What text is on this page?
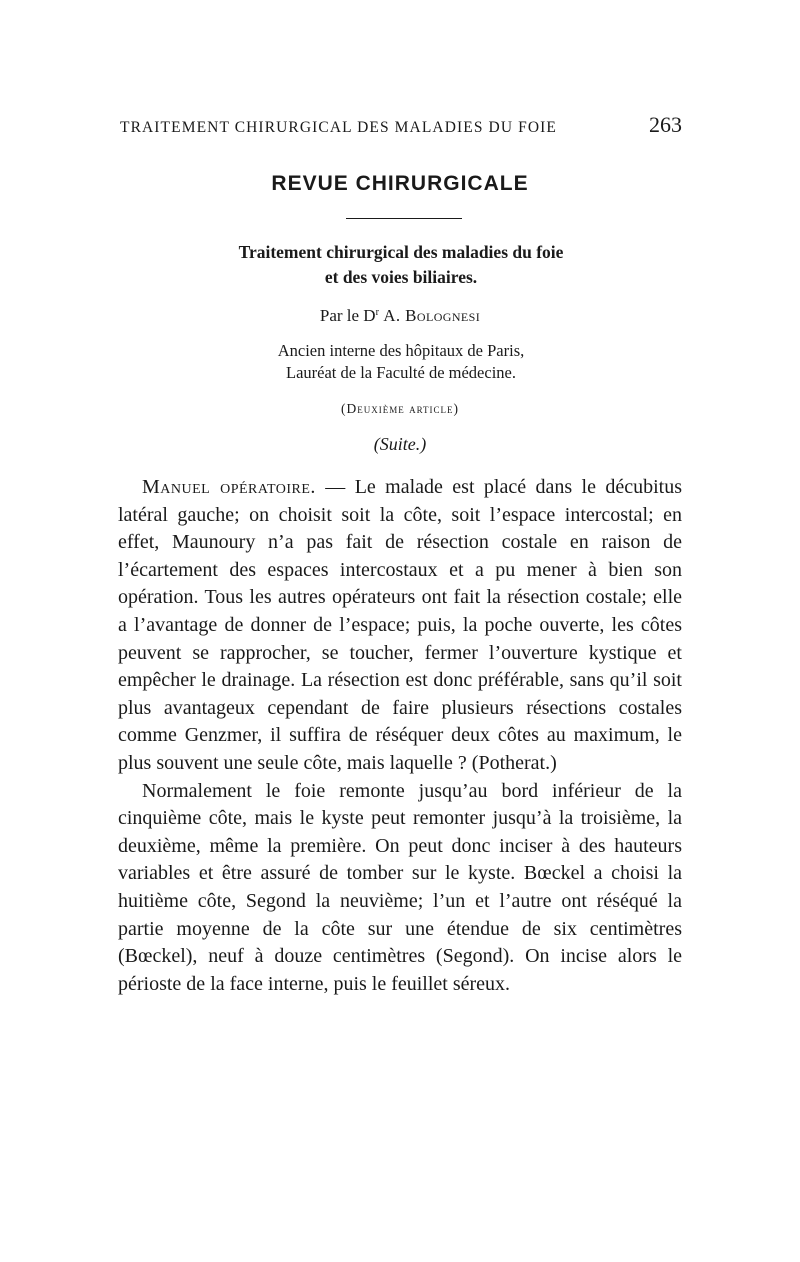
TRAITEMENT CHIRURGICAL DES MALADIES DU FOIE	263
REVUE CHIRURGICALE
Traitement chirurgical des maladies du foie
et des voies biliaires.
Par le $D^r$ A. Bolognesi
Ancien interne des hôpitaux de Paris,
Lauréat de la Faculté de médecine.
(Deuxième article)
(Suite.)

Manuel opératoire. — Le malade est placé dans le décubitus latéral gauche; on choisit soit la côte, soit l’espace intercostal; en effet, Maunoury n’a pas fait de résection costale en raison de l’écartement des espaces intercostaux et a pu mener à bien son opération. Tous les autres opérateurs ont fait la résection costale; elle a l’avantage de donner de l’espace; puis, la poche ouverte, les côtes peuvent se rapprocher, se toucher, fermer l’ouverture kystique et empêcher le drainage. La résection est donc préférable, sans qu’il soit plus avantageux cependant de faire plusieurs résections costales comme Genzmer, il suffira de réséquer deux côtes au maximum, le plus souvent une seule côte, mais laquelle ? (Potherat.)

Normalement le foie remonte jusqu’au bord inférieur de la cinquième côte, mais le kyste peut remonter jusqu’à la troisième, la deuxième, même la première. On peut donc inciser à des hauteurs variables et être assuré de tomber sur le kyste. Bœckel a choisi la huitième côte, Segond la neuvième; l’un et l’autre ont réséqué la partie moyenne de la côte sur une étendue de six centimètres (Bœckel), neuf à douze centimètres (Segond). On incise alors le périoste de la face interne, puis le feuillet séreux.
